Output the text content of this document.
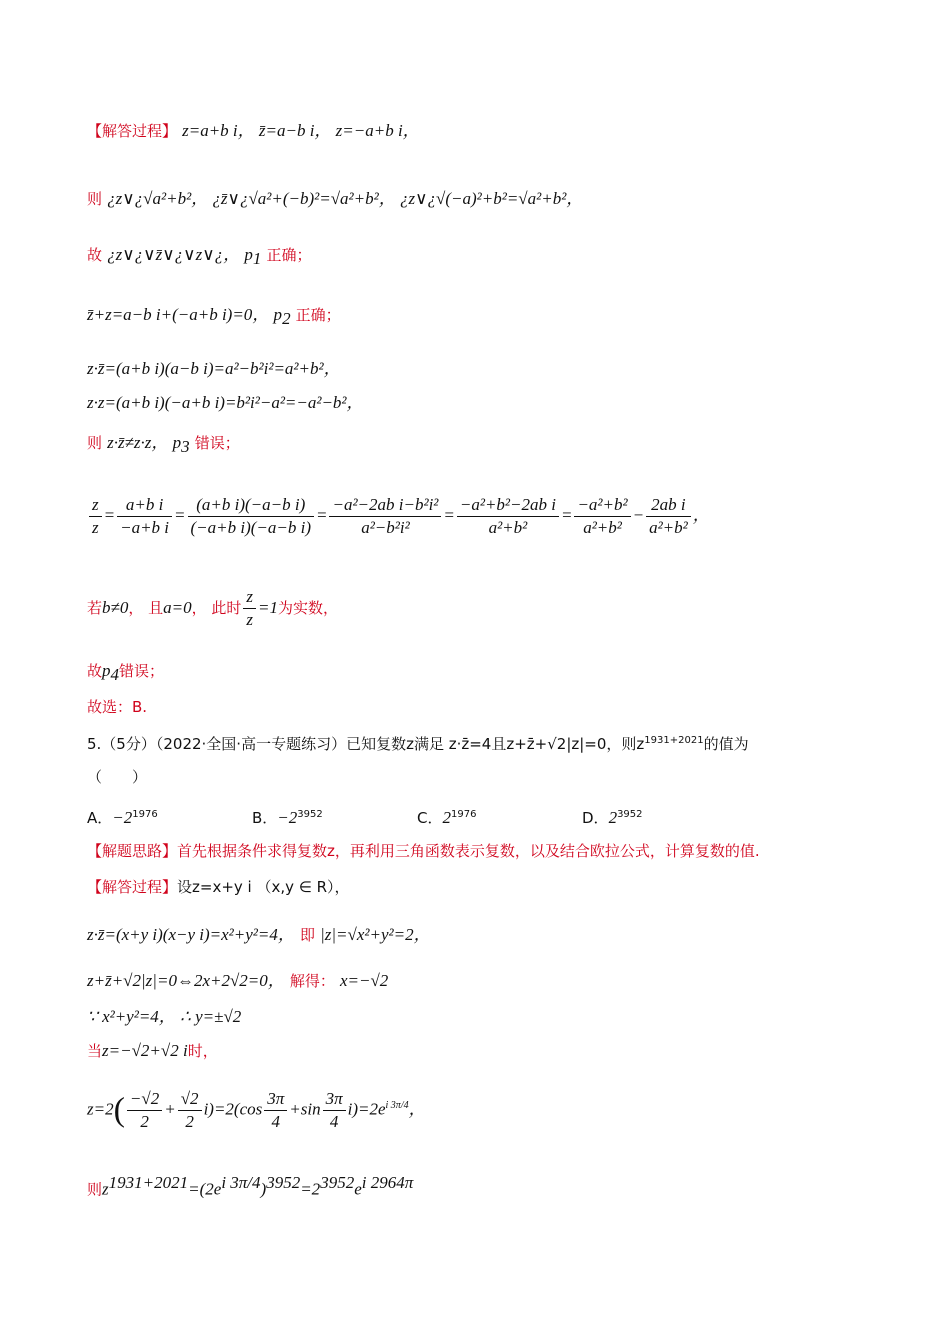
【解答过程】 z=a+b i， z̄=a−b i， z=−a+b i，
则 ¿z∨¿√a²+b²， ¿z̄∨¿√a²+(−b)²=√a²+b²， ¿z∨¿√(−a)²+b²=√a²+b²，
故 ¿z∨¿∨z̄∨¿∨z∨¿， $p_1$ 正确；
z̄+z=a−b i+(−a+b i)=0， $p_2$ 正确；
z·z̄=(a+b i)(a−b i)=a²−b²i²=a²+b²，
z·z=(a+b i)(−a+b i)=b²i²−a²=−a²−b²，
则 z·z̄≠z·z， $p_3$ 错误；
$\frac{z}{z} = \frac{\text{a+b i}}{\text{−a+b i}} = \frac{\text{(a+b i)(−a−b i)}}{\text{(−a+b i)(−a−b i)}} = \frac{\text{−a²−2ab i−b²i²}}{\text{a²−b²i²}} = \frac{\text{−a²+b²−2ab i}}{\text{a²+b²}} = \frac{\text{−a²+b²}}{\text{a²+b²}} - \frac{\text{2ab i}}{\text{a²+b²}}$ ，
若b≠0， 且a=0， 此时 $\frac{z}{z} =1$为实数，
故$p_4$错误；
故选：B.
5.（5分）（2022·全国·高一专题练习）已知复数z满足 z·z̄=4且z+z̄+√2|z|=0，则$z^{1931+2021}$的值为
（　　）
A．$-2^{1976}$	B．$-2^{3952}$	C．$2^{1976}$	D．$2^{3952}$
【解题思路】首先根据条件求得复数z，再利用三角函数表示复数，以及结合欧拉公式，计算复数的值.
【解答过程】设z=x+y i （x,y ∈ R），
z·z̄=(x+y i)(x−y i)=x²+y²=4， 即 |z|=√x²+y²=2，
z+z̄+√2|z|=0⇔2x+2√2=0， 解得： x=−√2
∵ x²+y²=4， ∴ y=±√2
当z=−√2+√2 i时，
$z=2( \frac{-√2}{2} + \frac{√2}{2} i)=2(\cos \frac{3\pi}{4} +\sin \frac{3\pi}{4} i)=2e^{i 3\pi/4}$，
则$z^{1931+2021}=(2e^{i 3\pi/4})^{3952}=2^{3952}e^{i 2964\pi}$
